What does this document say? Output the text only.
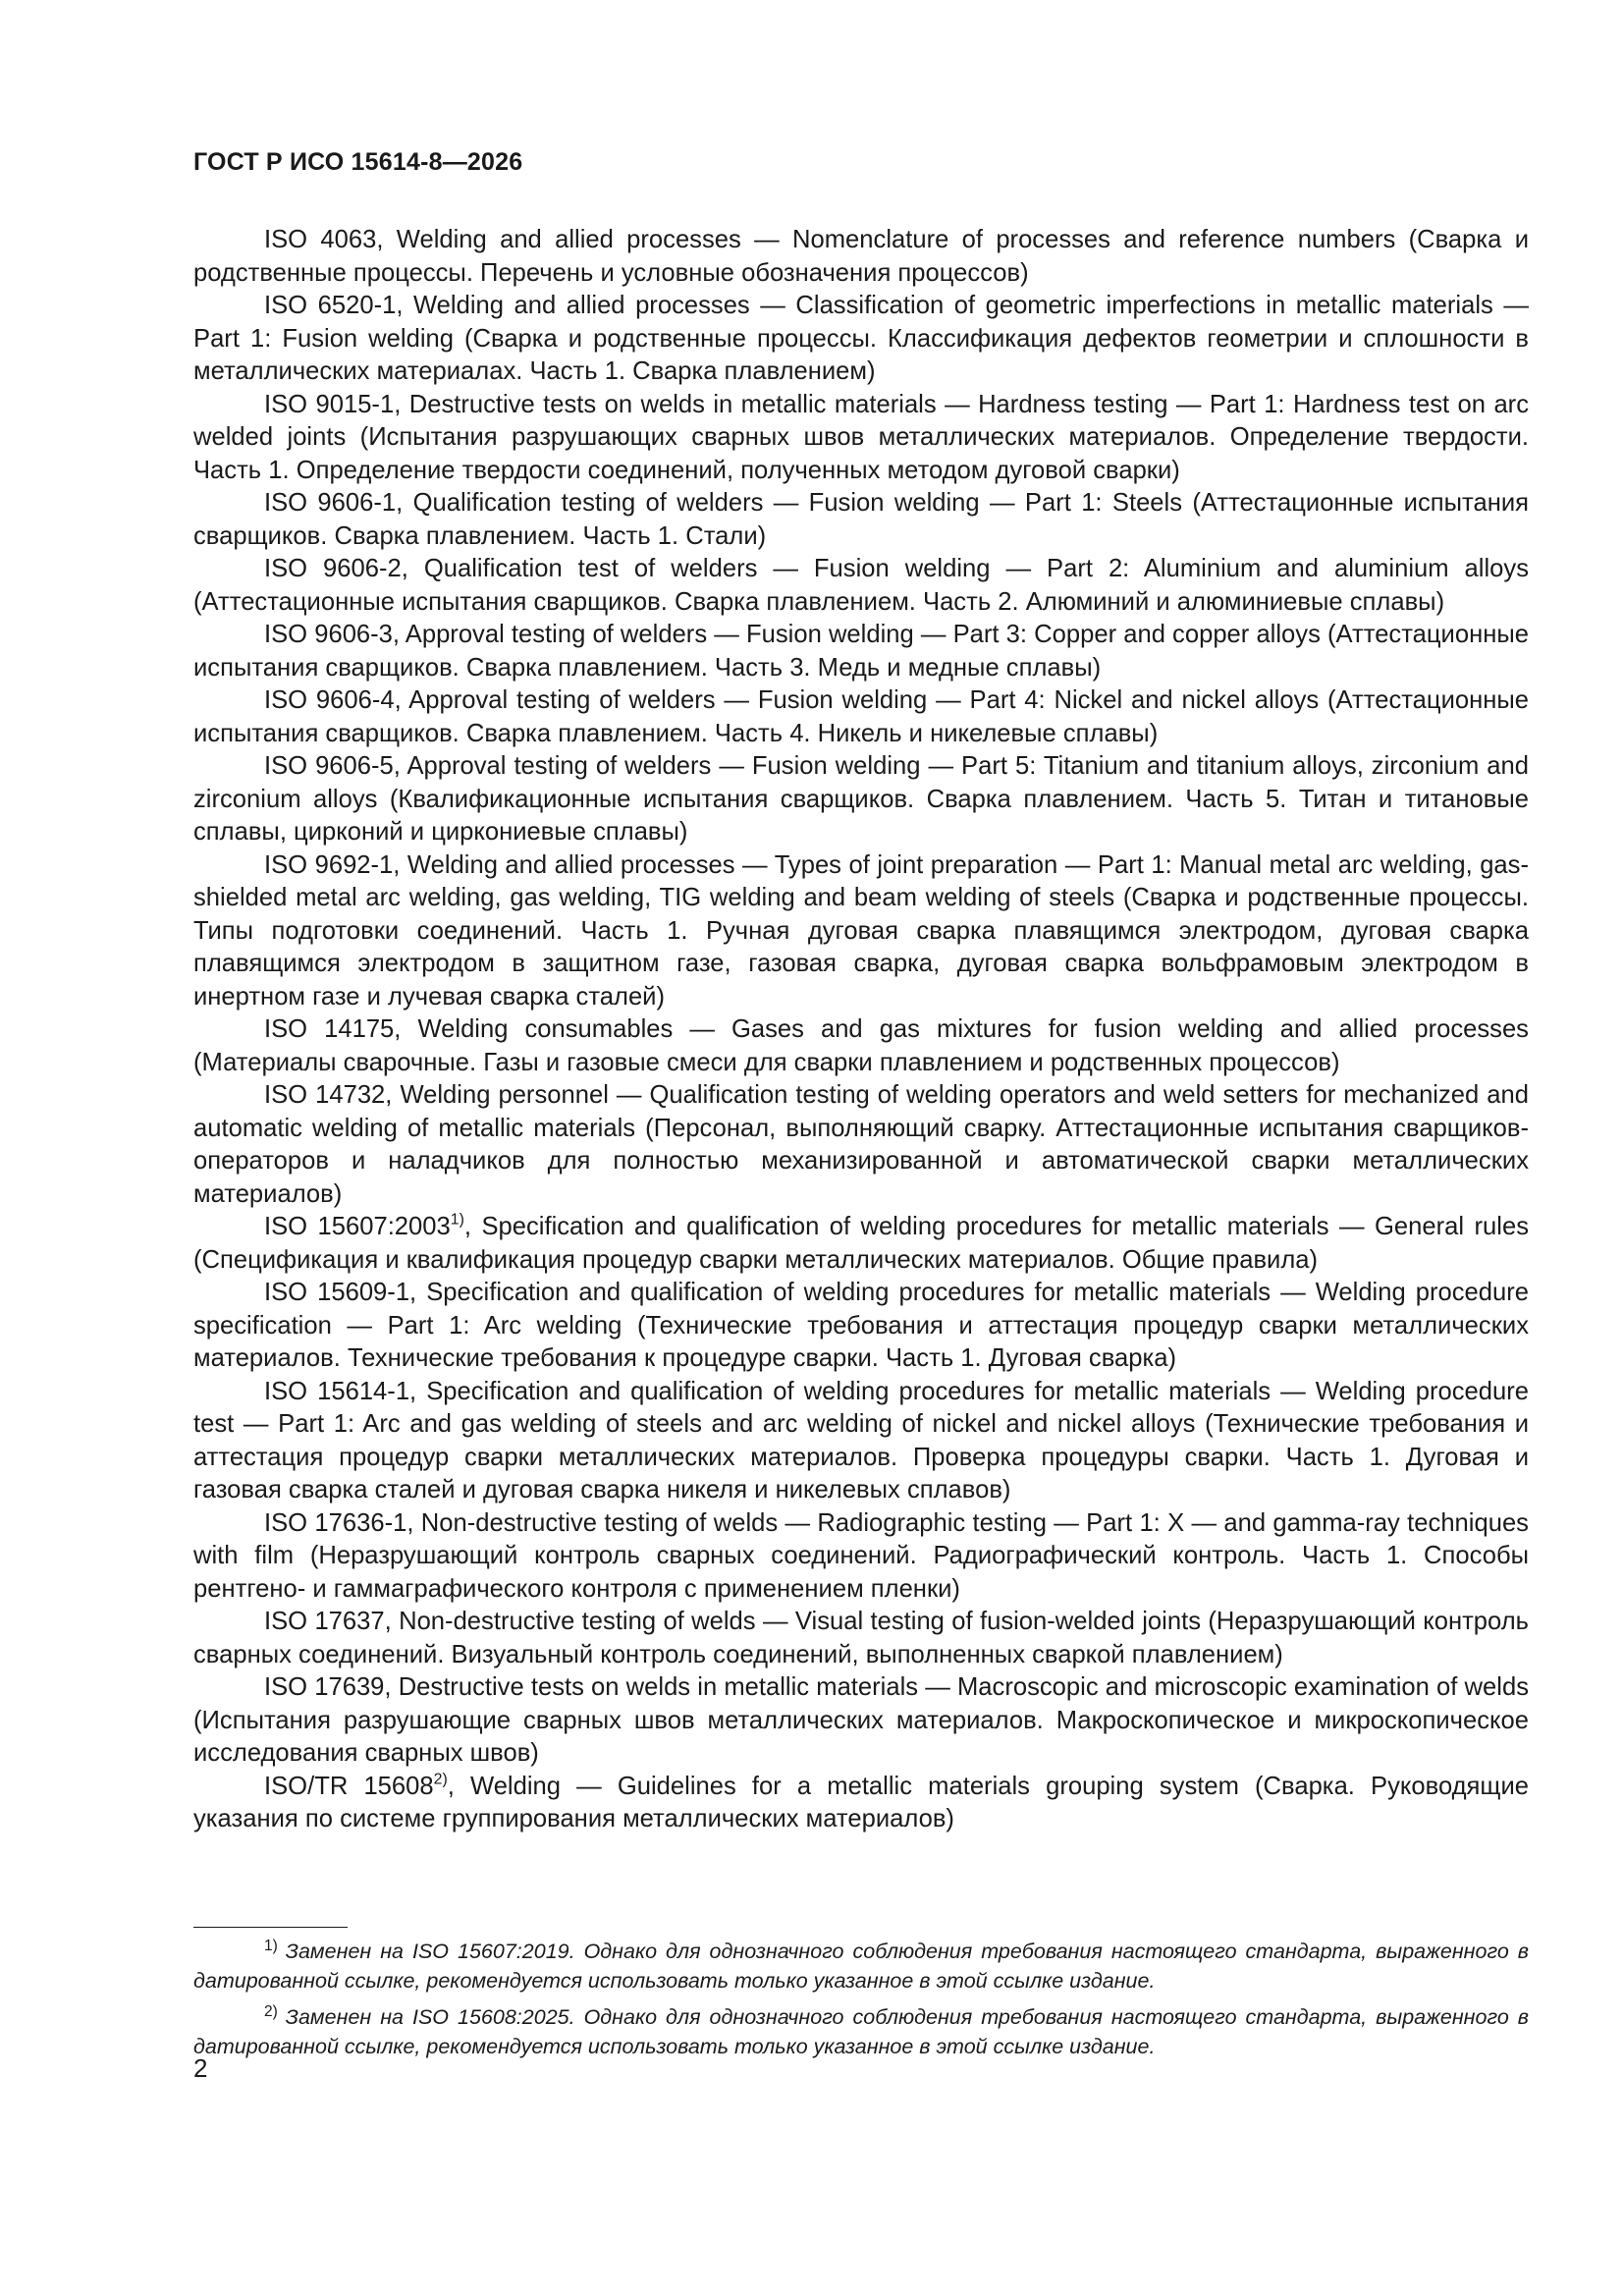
ГОСТ Р ИСО 15614-8—2026

ISO 4063, Welding and allied processes — Nomenclature of processes and reference numbers (Сварка и родственные процессы. Перечень и условные обозначения процессов)

ISO 6520-1, Welding and allied processes — Classification of geometric imperfections in metallic materials — Part 1: Fusion welding (Сварка и родственные процессы. Классификация дефектов геометрии и сплошности в металлических материалах. Часть 1. Сварка плавлением)

ISO 9015-1, Destructive tests on welds in metallic materials — Hardness testing — Part 1: Hardness test on arc welded joints (Испытания разрушающих сварных швов металлических материалов. Определение твердости. Часть 1. Определение твердости соединений, полученных методом дуговой сварки)

ISO 9606-1, Qualification testing of welders — Fusion welding — Part 1: Steels (Аттестационные испытания сварщиков. Сварка плавлением. Часть 1. Стали)

ISO 9606-2, Qualification test of welders — Fusion welding — Part 2: Aluminium and aluminium alloys (Аттестационные испытания сварщиков. Сварка плавлением. Часть 2. Алюминий и алюминиевые сплавы)

ISO 9606-3, Approval testing of welders — Fusion welding — Part 3: Copper and copper alloys (Аттестационные испытания сварщиков. Сварка плавлением. Часть 3. Медь и медные сплавы)

ISO 9606-4, Approval testing of welders — Fusion welding — Part 4: Nickel and nickel alloys (Аттестационные испытания сварщиков. Сварка плавлением. Часть 4. Никель и никелевые сплавы)

ISO 9606-5, Approval testing of welders — Fusion welding — Part 5: Titanium and titanium alloys, zirconium and zirconium alloys (Квалификационные испытания сварщиков. Сварка плавлением. Часть 5. Титан и титановые сплавы, цирконий и циркониевые сплавы)

ISO 9692-1, Welding and allied processes — Types of joint preparation — Part 1: Manual metal arc welding, gas-shielded metal arc welding, gas welding, TIG welding and beam welding of steels (Сварка и родственные процессы. Типы подготовки соединений. Часть 1. Ручная дуговая сварка плавящимся электродом, дуговая сварка плавящимся электродом в защитном газе, газовая сварка, дуговая сварка вольфрамовым электродом в инертном газе и лучевая сварка сталей)

ISO 14175, Welding consumables — Gases and gas mixtures for fusion welding and allied processes (Материалы сварочные. Газы и газовые смеси для сварки плавлением и родственных процессов)

ISO 14732, Welding personnel — Qualification testing of welding operators and weld setters for mechanized and automatic welding of metallic materials (Персонал, выполняющий сварку. Аттестационные испытания сварщиков-операторов и наладчиков для полностью механизированной и автоматической сварки металлических материалов)

ISO 15607:2003$^{1)}$, Specification and qualification of welding procedures for metallic materials — General rules (Спецификация и квалификация процедур сварки металлических материалов. Общие правила)

ISO 15609-1, Specification and qualification of welding procedures for metallic materials — Welding procedure specification — Part 1: Arc welding (Технические требования и аттестация процедур сварки металлических материалов. Технические требования к процедуре сварки. Часть 1. Дуговая сварка)

ISO 15614-1, Specification and qualification of welding procedures for metallic materials — Welding procedure test — Part 1: Arc and gas welding of steels and arc welding of nickel and nickel alloys (Технические требования и аттестация процедур сварки металлических материалов. Проверка процедуры сварки. Часть 1. Дуговая и газовая сварка сталей и дуговая сварка никеля и никелевых сплавов)

ISO 17636-1, Non-destructive testing of welds — Radiographic testing — Part 1: X — and gamma-ray techniques with film (Неразрушающий контроль сварных соединений. Радиографический контроль. Часть 1. Способы рентгено- и гаммаграфического контроля с применением пленки)

ISO 17637, Non-destructive testing of welds — Visual testing of fusion-welded joints (Неразрушающий контроль сварных соединений. Визуальный контроль соединений, выполненных сваркой плавлением)

ISO 17639, Destructive tests on welds in metallic materials — Macroscopic and microscopic examination of welds (Испытания разрушающие сварных швов металлических материалов. Макроскопическое и микроскопическое исследования сварных швов)

ISO/TR 15608$^{2)}$, Welding — Guidelines for a metallic materials grouping system (Сварка. Руководящие указания по системе группирования металлических материалов)

$^{1)}$ Заменен на ISO 15607:2019. Однако для однозначного соблюдения требования настоящего стандарта, выраженного в датированной ссылке, рекомендуется использовать только указанное в этой ссылке издание.

$^{2)}$ Заменен на ISO 15608:2025. Однако для однозначного соблюдения требования настоящего стандарта, выраженного в датированной ссылке, рекомендуется использовать только указанное в этой ссылке издание.

2
